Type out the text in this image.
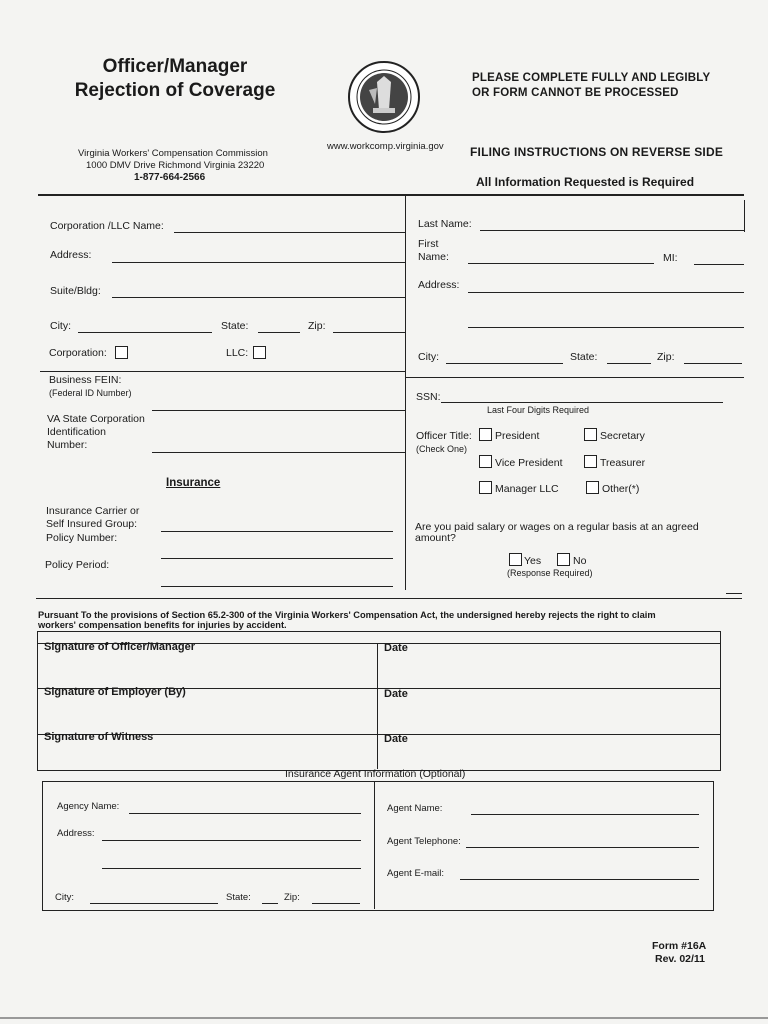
Officer/Manager
Rejection of Coverage
Virginia Workers' Compensation Commission
1000 DMV Drive Richmond Virginia 23220
1-877-664-2566
www.workcomp.virginia.gov
PLEASE COMPLETE FULLY AND LEGIBLY
OR FORM CANNOT BE PROCESSED
FILING INSTRUCTIONS ON REVERSE SIDE
All Information Requested is Required
Corporation /LLC Name:
Address:
Suite/Bldg:
City:	State:	Zip:
Corporation:	LLC:
Business FEIN:
(Federal ID Number)
VA State Corporation
Identification
Number:
Insurance
Insurance Carrier or
Self Insured Group:
Policy Number:
Policy Period:
Last Name:
First
Name:	MI:
Address:
City:	State:	Zip:
SSN:
Last Four Digits Required
Officer Title:
(Check One)
President	Secretary
Vice President	Treasurer
Manager LLC	Other(*)
Are you paid salary or wages on a regular basis at an agreed
amount?
Yes	No
(Response Required)
Pursuant To the provisions of Section 65.2-300 of the Virginia Workers' Compensation Act, the undersigned hereby rejects the right to claim
workers' compensation benefits for injuries by accident.
Signature of Officer/Manager	Date
Signature of Employer (By)	Date
Signature of Witness	Date
Insurance Agent Information (Optional)
Agency Name:
Address:
City:	State:	Zip:
Agent Name:
Agent Telephone:
Agent E-mail:
Form #16A
Rev. 02/11
